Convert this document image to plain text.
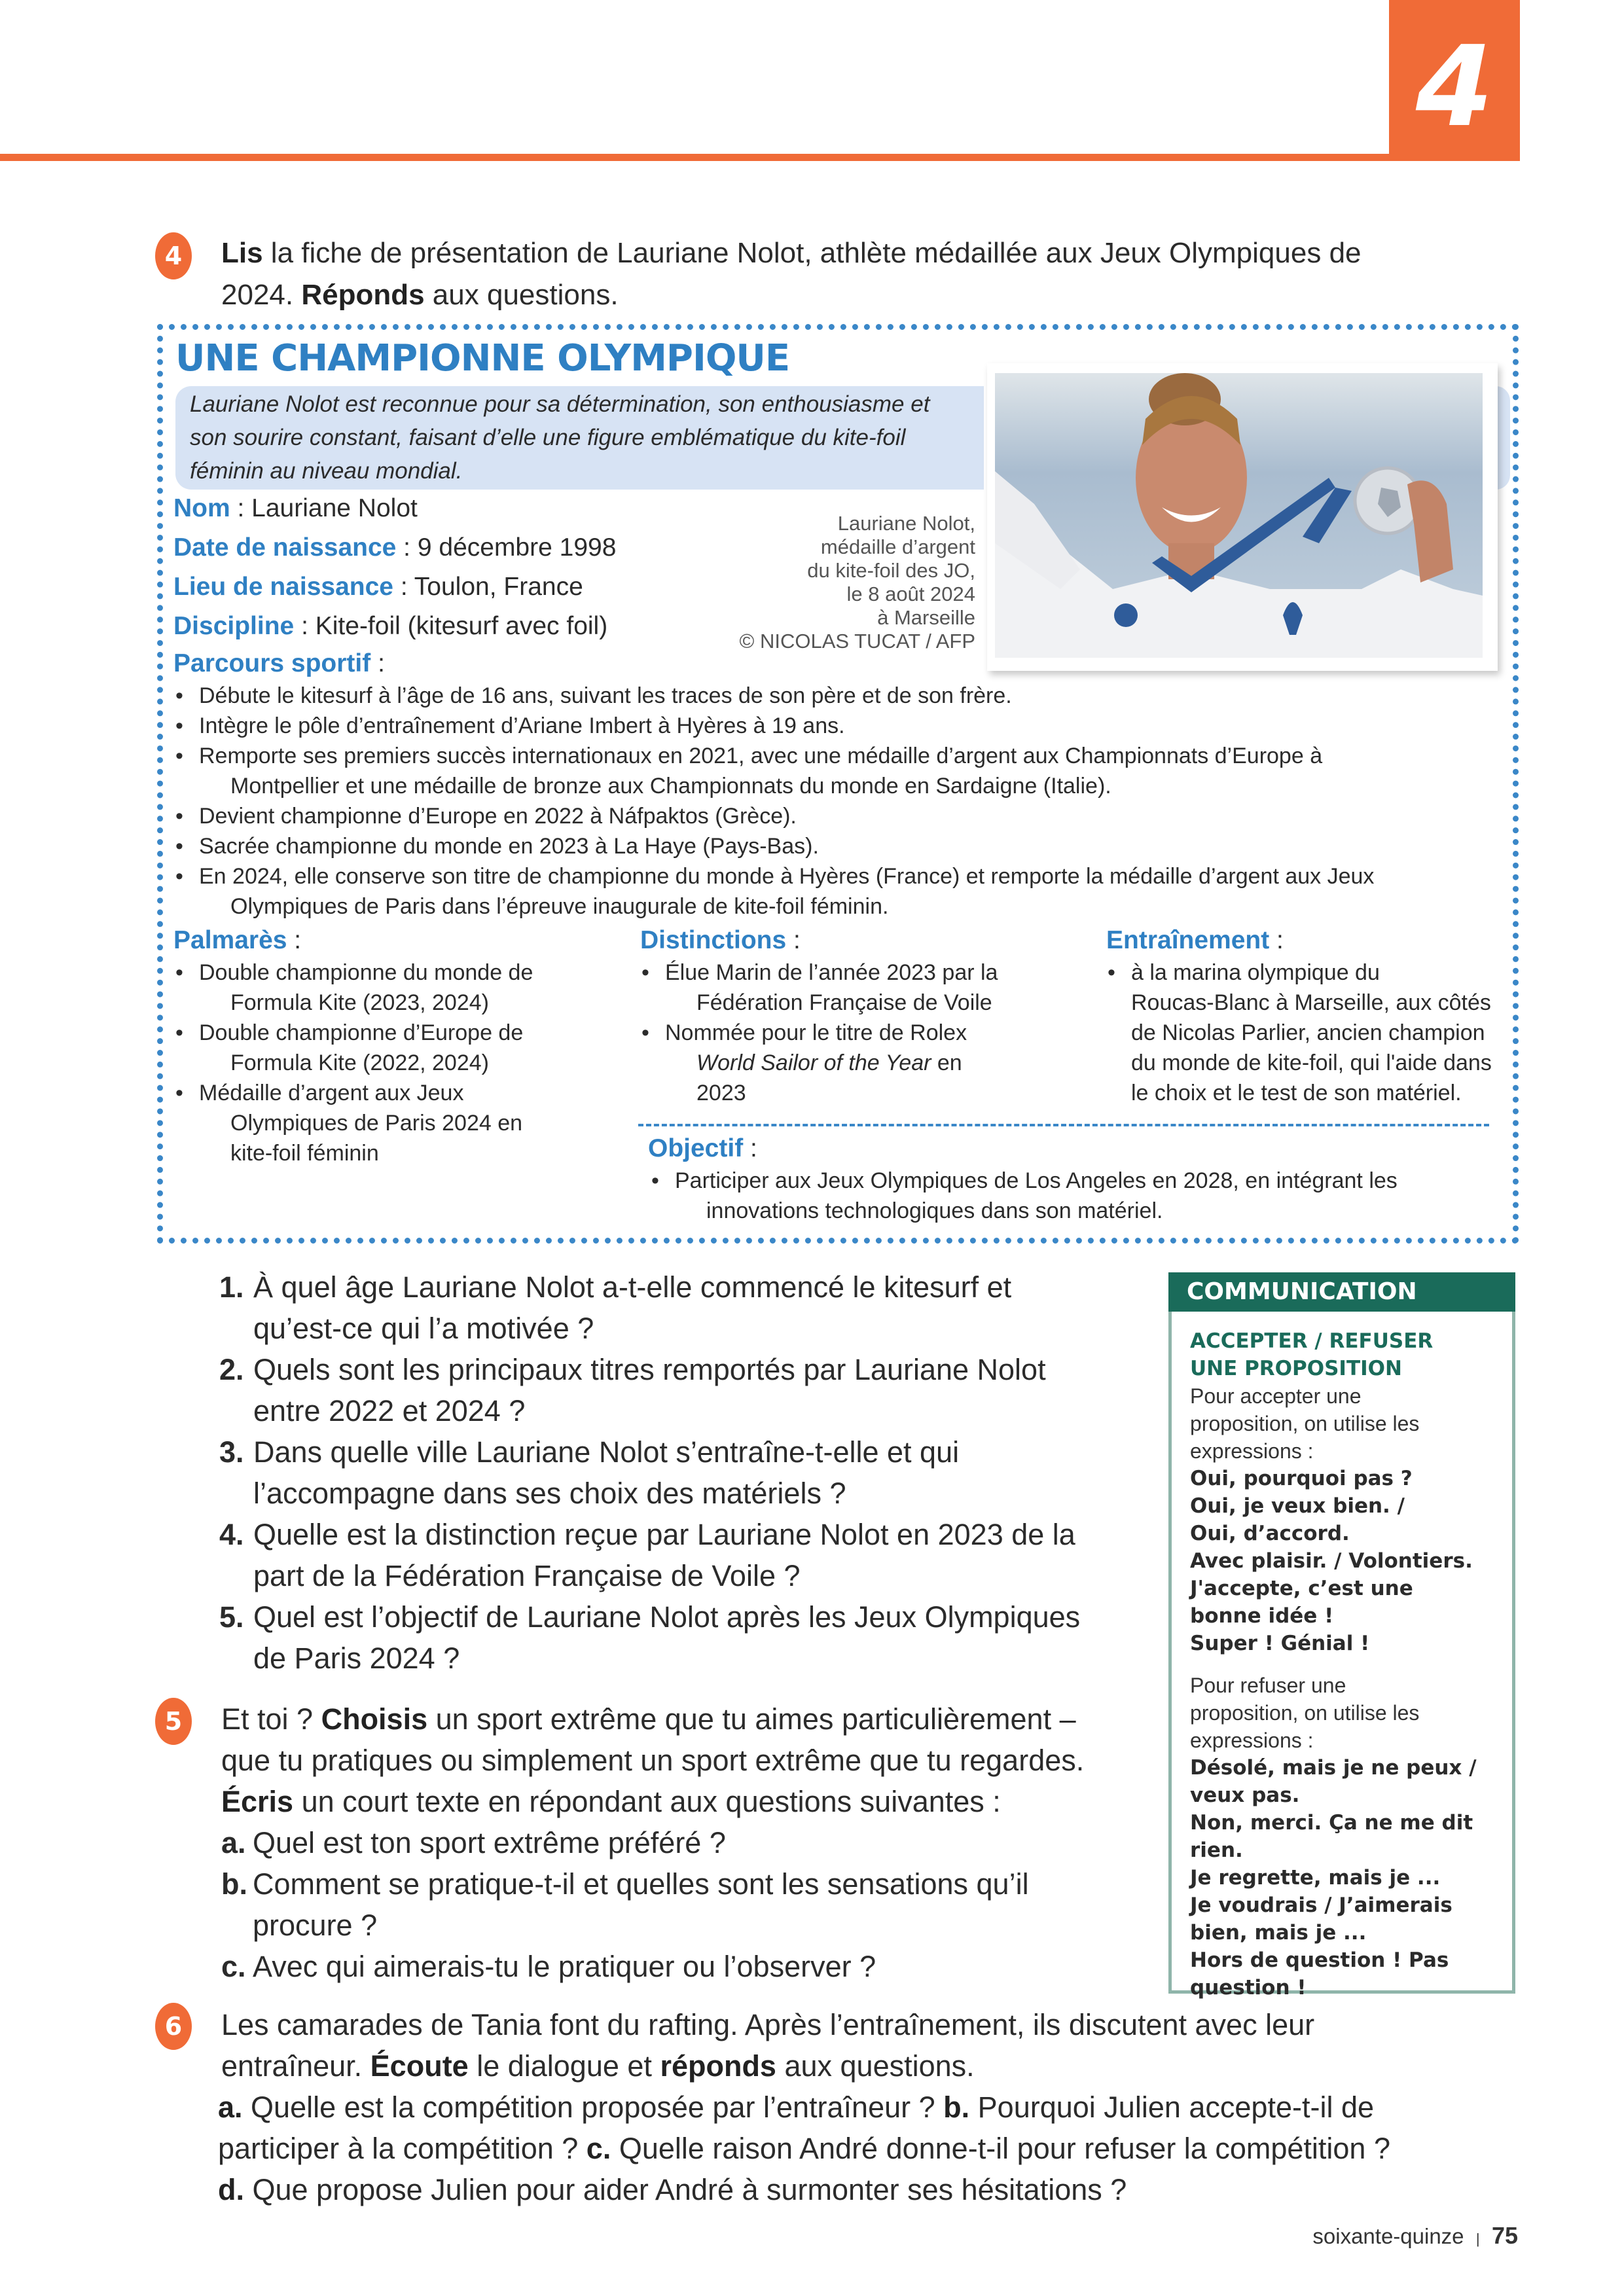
4
4	Lis la fiche de présentation de Lauriane Nolot, athlète médaillée aux Jeux Olympiques de
2024. Réponds aux questions.
UNE CHAMPIONNE OLYMPIQUE
Lauriane Nolot est reconnue pour sa détermination, son enthousiasme et son sourire constant, faisant d’elle une figure emblématique du kite-foil féminin au niveau mondial.
Nom : Lauriane Nolot
Date de naissance : 9 décembre 1998
Lieu de naissance : Toulon, France
Discipline : Kite-foil (kitesurf avec foil)
Lauriane Nolot,
médaille d’argent
du kite-foil des JO,
le 8 août 2024
à Marseille
© NICOLAS TUCAT / AFP
Parcours sportif :
• Débute le kitesurf à l’âge de 16 ans, suivant les traces de son père et de son frère.
• Intègre le pôle d’entraînement d’Ariane Imbert à Hyères à 19 ans.
• Remporte ses premiers succès internationaux en 2021, avec une médaille d’argent aux Championnats d’Europe à
Montpellier et une médaille de bronze aux Championnats du monde en Sardaigne (Italie).
• Devient championne d’Europe en 2022 à Náfpaktos (Grèce).
• Sacrée championne du monde en 2023 à La Haye (Pays-Bas).
• En 2024, elle conserve son titre de championne du monde à Hyères (France) et remporte la médaille d’argent aux Jeux
Olympiques de Paris dans l’épreuve inaugurale de kite-foil féminin.
Palmarès :
• Double championne du monde de
Formula Kite (2023, 2024)
• Double championne d’Europe de
Formula Kite (2022, 2024)
• Médaille d’argent aux Jeux
Olympiques de Paris 2024 en
kite-foil féminin
Distinctions :
• Élue Marin de l’année 2023 par la
Fédération Française de Voile
• Nommée pour le titre de Rolex
World Sailor of the Year en
2023
Entraînement :
• à la marina olympique du
Roucas-Blanc à Marseille, aux côtés
de Nicolas Parlier, ancien champion
du monde de kite-foil, qui l'aide dans
le choix et le test de son matériel.
Objectif :
• Participer aux Jeux Olympiques de Los Angeles en 2028, en intégrant les
innovations technologiques dans son matériel.
1. À quel âge Lauriane Nolot a-t-elle commencé le kitesurf et
qu’est-ce qui l’a motivée ?
2. Quels sont les principaux titres remportés par Lauriane Nolot
entre 2022 et 2024 ?
3. Dans quelle ville Lauriane Nolot s’entraîne-t-elle et qui
l’accompagne dans ses choix des matériels ?
4. Quelle est la distinction reçue par Lauriane Nolot en 2023 de la
part de la Fédération Française de Voile ?
5. Quel est l’objectif de Lauriane Nolot après les Jeux Olympiques
de Paris 2024 ?
5	Et toi ? Choisis un sport extrême que tu aimes particulièrement –
que tu pratiques ou simplement un sport extrême que tu regardes.
Écris un court texte en répondant aux questions suivantes :
a. Quel est ton sport extrême préféré ?
b. Comment se pratique-t-il et quelles sont les sensations qu’il
procure ?
c. Avec qui aimerais-tu le pratiquer ou l’observer ?
6	Les camarades de Tania font du rafting. Après l’entraînement, ils discutent avec leur
entraîneur. Écoute le dialogue et réponds aux questions.
a. Quelle est la compétition proposée par l’entraîneur ? b. Pourquoi Julien accepte-t-il de
participer à la compétition ? c. Quelle raison André donne-t-il pour refuser la compétition ?
d. Que propose Julien pour aider André à surmonter ses hésitations ?
COMMUNICATION
ACCEPTER / REFUSER
UNE PROPOSITION
Pour accepter une
proposition, on utilise les
expressions :
Oui, pourquoi pas ?
Oui, je veux bien. /
Oui, d’accord.
Avec plaisir. / Volontiers.
J'accepte, c’est une
bonne idée !
Super ! Génial !
Pour refuser une
proposition, on utilise les
expressions :
Désolé, mais je ne peux /
veux pas.
Non, merci. Ça ne me dit rien.
Je regrette, mais je ...
Je voudrais / J’aimerais
bien, mais je ...
Hors de question ! Pas
question !
soixante-quinze | 75
